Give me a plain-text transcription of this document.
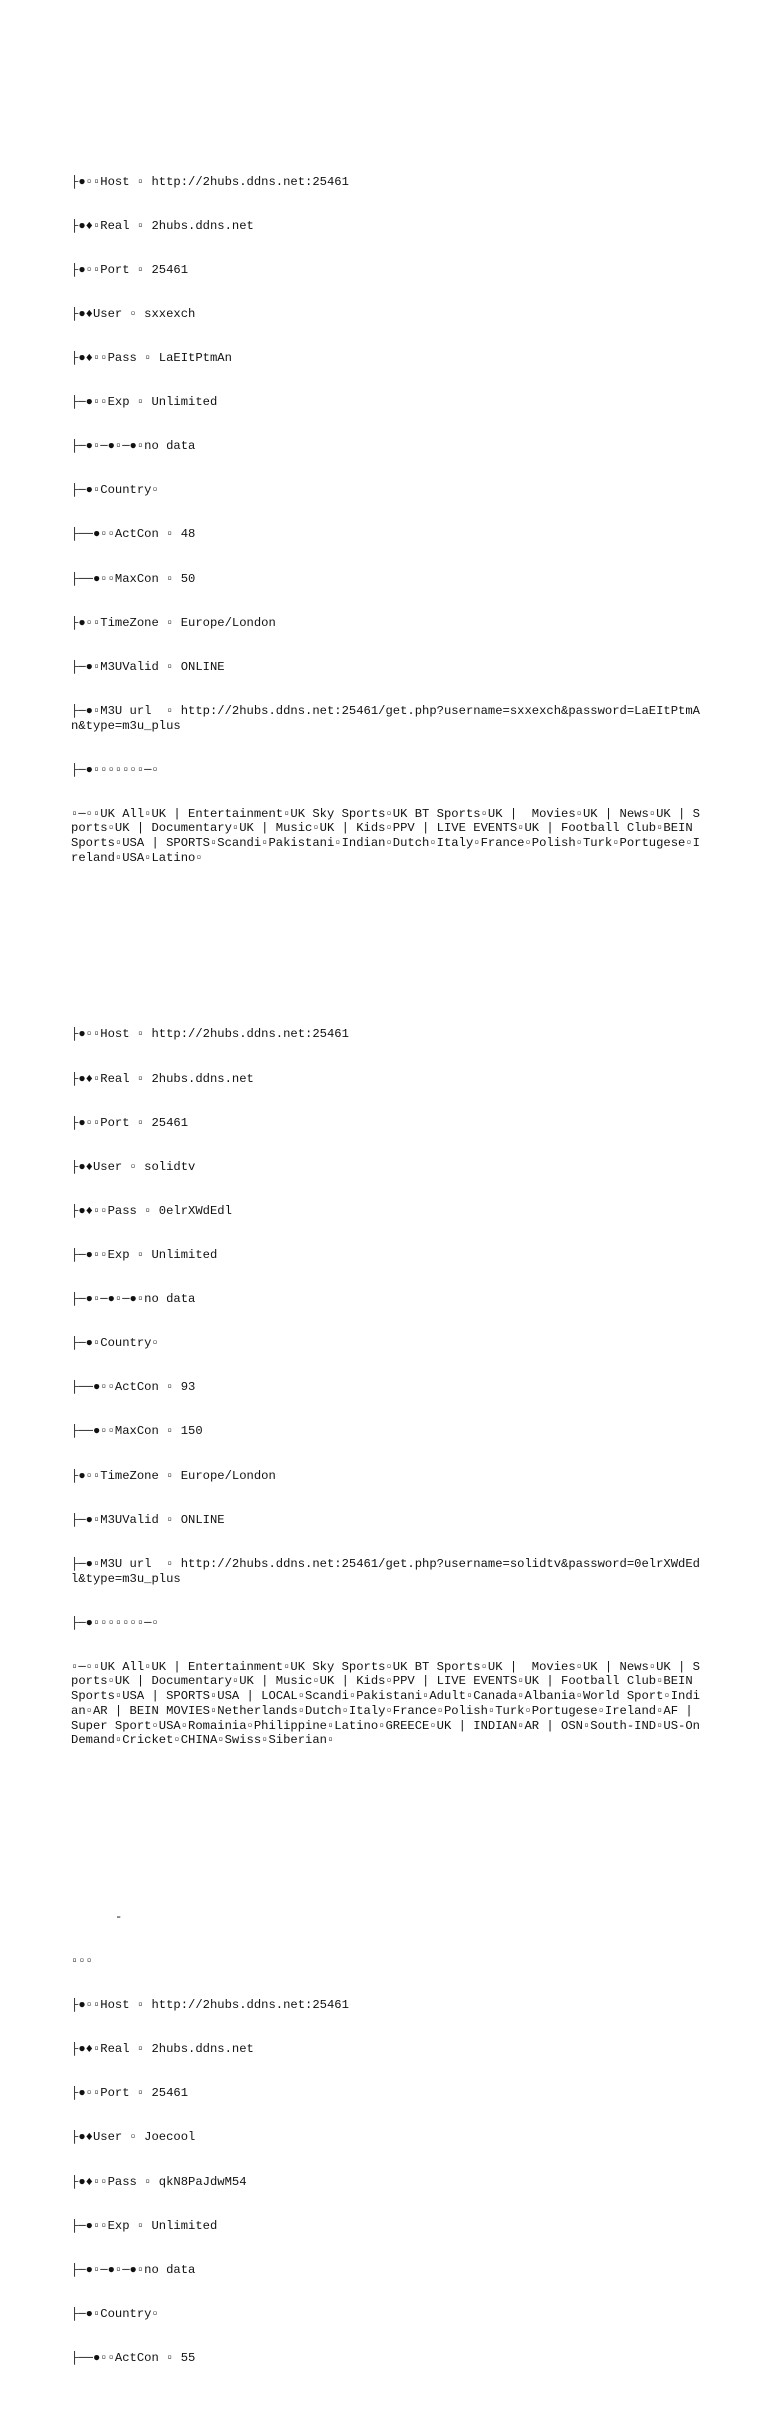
├●▫▫Host ▫ http://2hubs.ddns.net:25461

├●♦▫Real ▫ 2hubs.ddns.net

├●▫▫Port ▫ 25461

├●♦User ▫ sxxexch

├●♦▫▫Pass ▫ LaEItPtmAn

├─●▫▫Exp ▫ Unlimited

├─●▫─●▫─●▫no data

├─●▫Country▫

├──●▫▫ActCon ▫ 48

├──●▫▫MaxCon ▫ 50

├●▫▫TimeZone ▫ Europe/London

├─●▫M3UValid ▫ ONLINE

├─●▫M3U url  ▫ http://2hubs.ddns.net:25461/get.php?username=sxxexch&password=LaEItPtmAn&type=m3u_plus

├─●▫▫▫▫▫▫▫─▫

▫─▫▫UK All▫UK | Entertainment▫UK Sky Sports▫UK BT Sports▫UK |  Movies▫UK | News▫UK | Sports▫UK | Documentary▫UK | Music▫UK | Kids▫PPV | LIVE EVENTS▫UK | Football Club▫BEIN Sports▫USA | SPORTS▫Scandi▫Pakistani▫Indian▫Dutch▫Italy▫France▫Polish▫Turk▫Portugese▫Ireland▫USA▫Latino▫

├●▫▫Host ▫ http://2hubs.ddns.net:25461

├●♦▫Real ▫ 2hubs.ddns.net

├●▫▫Port ▫ 25461

├●♦User ▫ solidtv

├●♦▫▫Pass ▫ 0elrXWdEdl

├─●▫▫Exp ▫ Unlimited

├─●▫─●▫─●▫no data

├─●▫Country▫

├──●▫▫ActCon ▫ 93

├──●▫▫MaxCon ▫ 150

├●▫▫TimeZone ▫ Europe/London

├─●▫M3UValid ▫ ONLINE

├─●▫M3U url  ▫ http://2hubs.ddns.net:25461/get.php?username=solidtv&password=0elrXWdEdl&type=m3u_plus

├─●▫▫▫▫▫▫▫─▫

▫─▫▫UK All▫UK | Entertainment▫UK Sky Sports▫UK BT Sports▫UK |  Movies▫UK | News▫UK | Sports▫UK | Documentary▫UK | Music▫UK | Kids▫PPV | LIVE EVENTS▫UK | Football Club▫BEIN Sports▫USA | SPORTS▫USA | LOCAL▫Scandi▫Pakistani▫Adult▫Canada▫Albania▫World Sport▫Indian▫AR | BEIN MOVIES▫Netherlands▫Dutch▫Italy▫France▫Polish▫Turk▫Portugese▫Ireland▫AF | Super Sport▫USA▫Romainia▫Philippine▫Latino▫GREECE▫UK | INDIAN▫AR | OSN▫South-IND▫US-OnDemand▫Cricket▫CHINA▫Swiss▫Siberian▫

-

▫▫▫

├●▫▫Host ▫ http://2hubs.ddns.net:25461

├●♦▫Real ▫ 2hubs.ddns.net

├●▫▫Port ▫ 25461

├●♦User ▫ Joecool

├●♦▫▫Pass ▫ qkN8PaJdwM54

├─●▫▫Exp ▫ Unlimited

├─●▫─●▫─●▫no data

├─●▫Country▫

├──●▫▫ActCon ▫ 55
